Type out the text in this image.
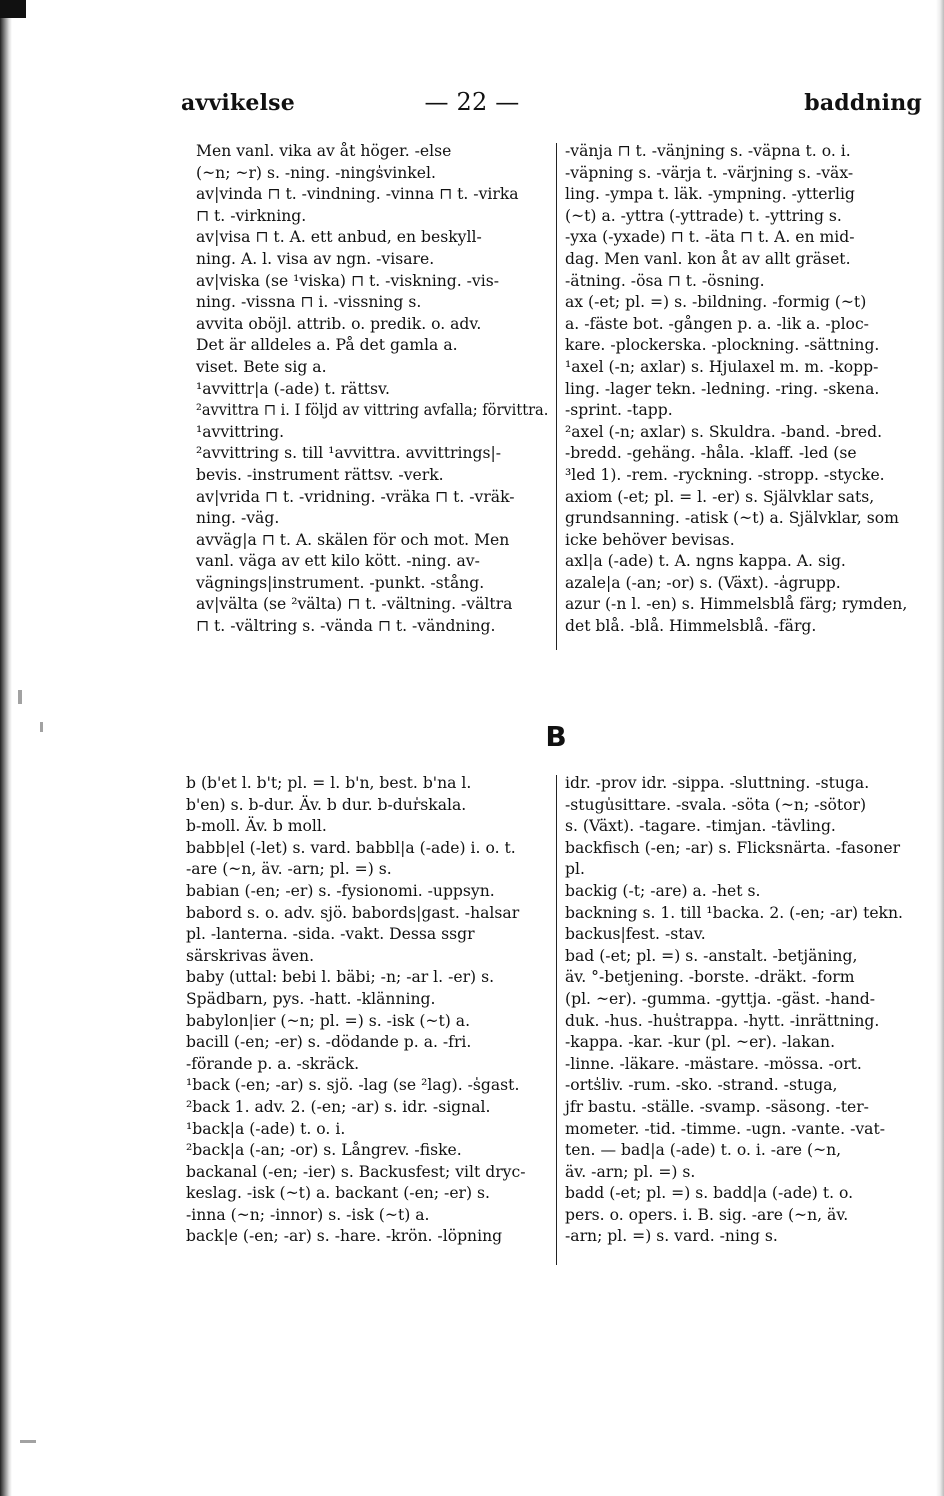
avvikelse	— 22 —	baddning

Men vanl. vika av åt höger. -else

(~n; ~r) s. -ning. -nings̍vinkel.

av|vinda ⊓ t. -vindning. -vinna ⊓ t. -virka

⊓ t. -virkning.

av|visa ⊓ t. A. ett anbud, en beskyll-

ning. A. l. visa av ngn. -visare.

av|viska (se ¹viska) ⊓ t. -viskning. -vis-

ning. -vissna ⊓ i. -vissning s.

avvita oböjl. attrib. o. predik. o. adv.

Det är alldeles a. På det gamla a.

viset. Bete sig a.

¹avvittr|a (-ade) t. rättsv.

²avvittra ⊓ i. I följd av vittring avfalla; förvittra.

¹avvittring.

²avvittring s. till ¹avvittra. avvittrings|-

bevis. -instrument rättsv. -verk.

av|vrida ⊓ t. -vridning. -vräka ⊓ t. -vräk-

ning. -väg.

avväg|a ⊓ t. A. skälen för och mot. Men

vanl. väga av ett kilo kött. -ning. av-

vägnings|instrument. -punkt. -stång.

av|välta (se ²välta) ⊓ t. -vältning. -vältra

⊓ t. -vältring s. -vända ⊓ t. -vändning.

-vänja ⊓ t. -vänjning s. -väpna t. o. i.

-väpning s. -värja t. -värjning s. -väx-

ling. -ympa t. läk. -ympning. -ytterlig

(~t) a. -yttra (-yttrade) t. -yttring s.

-yxa (-yxade) ⊓ t. -äta ⊓ t. A. en mid-

dag. Men vanl. kon åt av allt gräset.

-ätning. -ösa ⊓ t. -ösning.

ax (-et; pl. =) s. -bildning. -formig (~t)

a. -fäste bot. -gången p. a. -lik a. -ploc-

kare. -plockerska. -plockning. -sättning.

¹axel (-n; axlar) s. Hjulaxel m. m. -kopp-

ling. -lager tekn. -ledning. -ring. -skena.

-sprint. -tapp.

²axel (-n; axlar) s. Skuldra. -band. -bred.

-bredd. -gehäng. -håla. -klaff. -led (se

³led 1). -rem. -ryckning. -stropp. -stycke.

axiom (-et; pl. = l. -er) s. Självklar sats,

grundsanning. -atisk (~t) a. Självklar, som

icke behöver bevisas.

axl|a (-ade) t. A. ngns kappa. A. sig.

azale|a (-an; -or) s. (Växt). -a̍grupp.

azur (-n l. -en) s. Himmelsblå färg; rymden,

det blå. -blå. Himmelsblå. -färg.

B

b (b'et l. b't; pl. = l. b'n, best. b'na l.

b'en) s. b-dur. Äv. b dur. b-dur̍skala.

b-moll. Äv. b moll.

babb|el (-let) s. vard. babbl|a (-ade) i. o. t.

-are (~n, äv. -arn; pl. =) s.

babian (-en; -er) s. -fysionomi. -uppsyn.

babord s. o. adv. sjö. babords|gast. -halsar

pl. -lanterna. -sida. -vakt. Dessa ssgr

särskrivas även.

baby (uttal: bebi l. bäbi; -n; -ar l. -er) s.

Spädbarn, pys. -hatt. -klänning.

babylon|ier (~n; pl. =) s. -isk (~t) a.

bacill (-en; -er) s. -dödande p. a. -fri.

-förande p. a. -skräck.

¹back (-en; -ar) s. sjö. -lag (se ²lag). -s̍gast.

²back 1. adv. 2. (-en; -ar) s. idr. -signal.

¹back|a (-ade) t. o. i.

²back|a (-an; -or) s. Långrev. -fiske.

backanal (-en; -ier) s. Backusfest; vilt dryc-

keslag. -isk (~t) a. backant (-en; -er) s.

-inna (~n; -innor) s. -isk (~t) a.

back|e (-en; -ar) s. -hare. -krön. -löpning

idr. -prov idr. -sippa. -sluttning. -stuga.

-stugu̍sittare. -svala. -söta (~n; -sötor)

s. (Växt). -tagare. -timjan. -tävling.

backfisch (-en; -ar) s. Flicksnärta. -fasoner

pl.

backig (-t; -are) a. -het s.

backning s. 1. till ¹backa. 2. (-en; -ar) tekn.

backus|fest. -stav.

bad (-et; pl. =) s. -anstalt. -betjäning,

äv. °-betjening. -borste. -dräkt. -form

(pl. ~er). -gumma. -gyttja. -gäst. -hand-

duk. -hus. -hus̍trappa. -hytt. -inrättning.

-kappa. -kar. -kur (pl. ~er). -lakan.

-linne. -läkare. -mästare. -mössa. -ort.

-orts̍liv. -rum. -sko. -strand. -stuga,

jfr bastu. -ställe. -svamp. -säsong. -ter-

mometer. -tid. -timme. -ugn. -vante. -vat-

ten. — bad|a (-ade) t. o. i. -are (~n,

äv. -arn; pl. =) s.

badd (-et; pl. =) s. badd|a (-ade) t. o.

pers. o. opers. i. B. sig. -are (~n, äv.

-arn; pl. =) s. vard. -ning s.
